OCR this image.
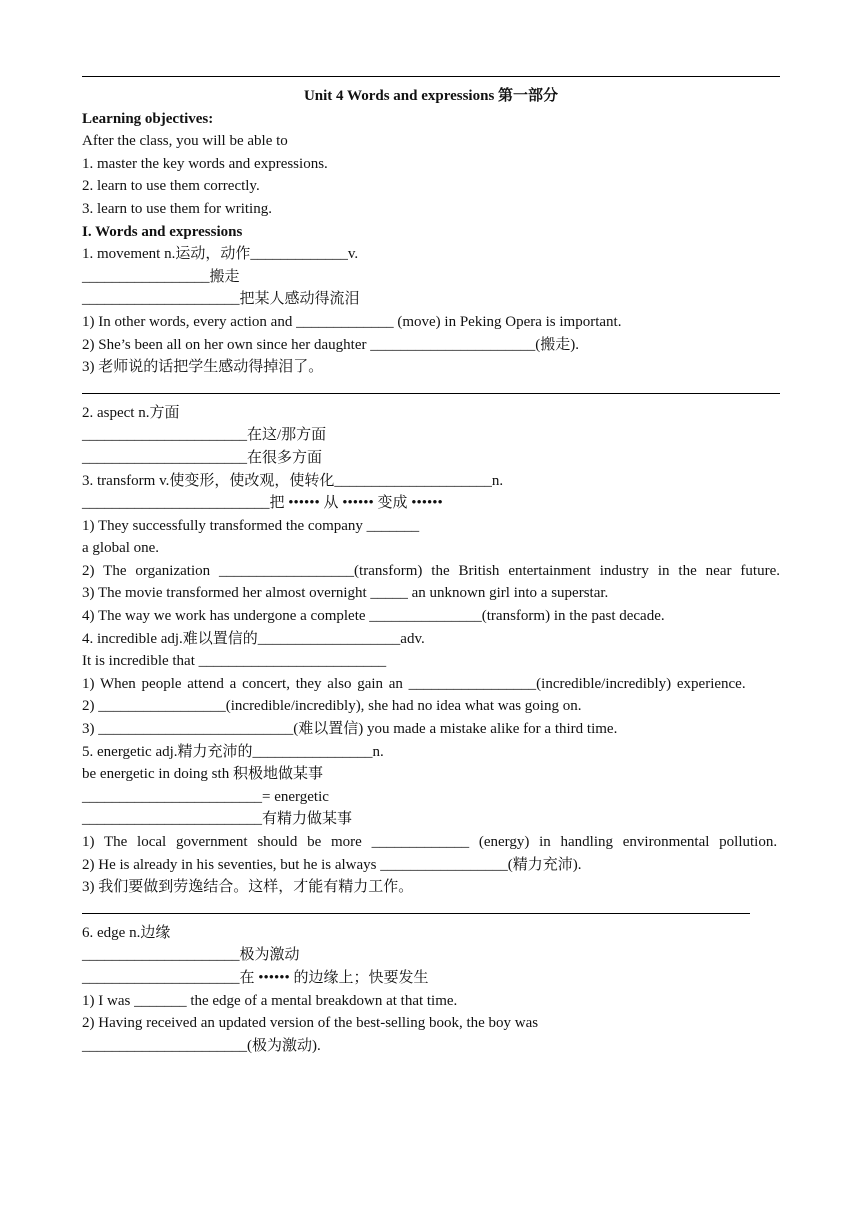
Unit 4 Words and expressions 第一部分
Learning objectives:
After the class, you will be able to
1. master the key words and expressions.
2. learn to use them correctly.
3. learn to use them for writing.
I. Words and expressions
1. movement n.运动，动作_____________v.
_________________搬走
_____________________把某人感动得流泪
1) In other words, every action and _____________ (move) in Peking Opera is important.
2) She’s been all on her own since her daughter ______________________(搬走).
3) 老师说的话把学生感动得掉泪了。
2. aspect n.方面
______________________在这/那方面
______________________在很多方面
3. transform v.使变形，使改观，使转化_____________________n.
_________________________把 •••••• 从 •••••• 变成 ••••••
1) They successfully transformed the company _______
a global one.
2) The organization __________________(transform) the British entertainment industry in the near future.
3) The movie transformed her almost overnight _____ an unknown girl into a superstar.
4) The way we work has undergone a complete _______________(transform) in the past decade.
4. incredible adj.难以置信的___________________adv.
It is incredible that _________________________
1) When people attend a concert, they also gain an _________________(incredible/incredibly) experience.
2) _________________(incredible/incredibly), she had no idea what was going on.
3) __________________________(难以置信) you made a mistake alike for a third time.
5. energetic adj.精力充沛的________________n.
be energetic in doing sth 积极地做某事
________________________= energetic
________________________有精力做某事
1) The local government should be more _____________ (energy) in handling environmental pollution.
2) He is already in his seventies, but he is always _________________(精力充沛).
3) 我们要做到劳逸结合。这样，才能有精力工作。
6. edge n.边缘
_____________________极为激动
_____________________在 •••••• 的边缘上；快要发生
1) I was _______ the edge of a mental breakdown at that time.
2) Having received an updated version of the best-selling book, the boy was
______________________(极为激动).
